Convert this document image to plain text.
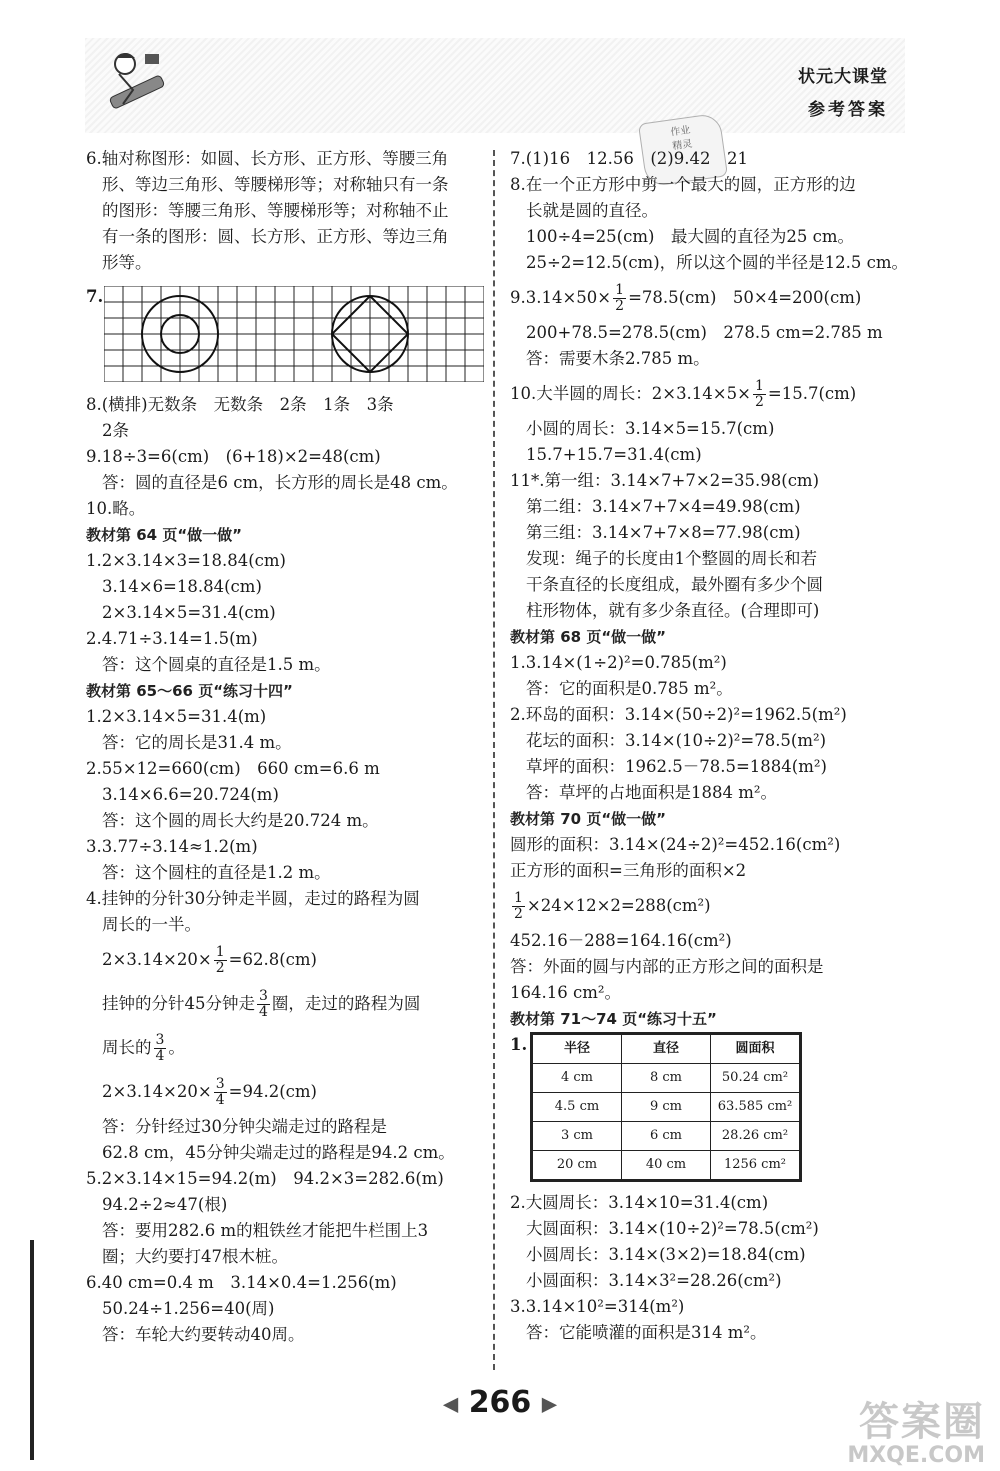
状元大课堂
参考答案
作业
精灵
6.轴对称图形：如圆、长方形、正方形、等腰三角
形、等边三角形、等腰梯形等；对称轴只有一条
的图形：等腰三角形、等腰梯形等；对称轴不止
有一条的图形：圆、长方形、正方形、等边三角
形等。
7.
8.(横排)无数条　无数条　2条　1条　3条
2条
9.18÷3=6(cm)　(6+18)×2=48(cm)
答：圆的直径是6 cm，长方形的周长是48 cm。
10.略。
教材第 64 页“做一做”
1.2×3.14×3=18.84(cm)
3.14×6=18.84(cm)
2×3.14×5=31.4(cm)
2.4.71÷3.14=1.5(m)
答：这个圆桌的直径是1.5 m。
教材第 65～66 页“练习十四”
1.2×3.14×5=31.4(m)
答：它的周长是31.4 m。
2.55×12=660(cm)　660 cm=6.6 m
3.14×6.6=20.724(m)
答：这个圆的周长大约是20.724 m。
3.3.77÷3.14≈1.2(m)
答：这个圆柱的直径是1.2 m。
4.挂钟的分针30分钟走半圆，走过的路程为圆
周长的一半。
$2\times 3.14\times 20\times \frac{1}{2} =62.8(cm)$
挂钟的分针45分钟走 $\frac{3}{4}$ 圈，走过的路程为圆
周长的 $\frac{3}{4}$ 。
$2\times 3.14\times 20\times \frac{3}{4} =94.2(cm)$
答：分针经过30分钟尖端走过的路程是
62.8 cm，45分钟尖端走过的路程是94.2 cm。
5.2×3.14×15=94.2(m)　94.2×3=282.6(m)
94.2÷2≈47(根)
答：要用282.6 m的粗铁丝才能把牛栏围上3
圈；大约要打47根木桩。
6.40 cm=0.4 m　3.14×0.4=1.256(m)
50.24÷1.256=40(周)
答：车轮大约要转动40周。
7.(1)16　12.56　(2)9.42　21
8.在一个正方形中剪一个最大的圆，正方形的边
长就是圆的直径。
100÷4=25(cm)　最大圆的直径为25 cm。
25÷2=12.5(cm)，所以这个圆的半径是12.5 cm。
$9.3.14\times 50\times \frac{1}{2} =78.5(cm)$　50×4=200(cm)
200+78.5=278.5(cm)　278.5 cm=2.785 m
答：需要木条2.785 m。
10.大半圆的周长：$2\times 3.14\times 5\times \frac{1}{2} =15.7(cm)$
小圆的周长：3.14×5=15.7(cm)
15.7+15.7=31.4(cm)
11*.第一组：3.14×7+7×2=35.98(cm)
第二组：3.14×7+7×4=49.98(cm)
第三组：3.14×7+7×8=77.98(cm)
发现：绳子的长度由1个整圆的周长和若
干条直径的长度组成，最外圈有多少个圆
柱形物体，就有多少条直径。(合理即可)
教材第 68 页“做一做”
1.3.14×(1÷2)²=0.785(m²)
答：它的面积是0.785 m²。
2.环岛的面积：3.14×(50÷2)²=1962.5(m²)
花坛的面积：3.14×(10÷2)²=78.5(m²)
草坪的面积：1962.5－78.5=1884(m²)
答：草坪的占地面积是1884 m²。
教材第 70 页“做一做”
圆形的面积：3.14×(24÷2)²=452.16(cm²)
正方形的面积=三角形的面积×2
$\frac{1}{2} \times 24\times 12\times 2=288(cm^2)$
452.16－288=164.16(cm²)
答：外面的圆与内部的正方形之间的面积是
164.16 cm²。
教材第 71～74 页“练习十五”
1.	半径	直径	圆面积
4 cm	8 cm	50.24 cm²
4.5 cm	9 cm	63.585 cm²
3 cm	6 cm	28.26 cm²
20 cm	40 cm	1256 cm²
2.大圆周长：3.14×10=31.4(cm)
大圆面积：3.14×(10÷2)²=78.5(cm²)
小圆周长：3.14×(3×2)=18.84(cm)
小圆面积：3.14×3²=28.26(cm²)
3.3.14×10²=314(m²)
答：它能喷灌的面积是314 m²。
◀ 266 ▶	答案圈
MXQE.COM
